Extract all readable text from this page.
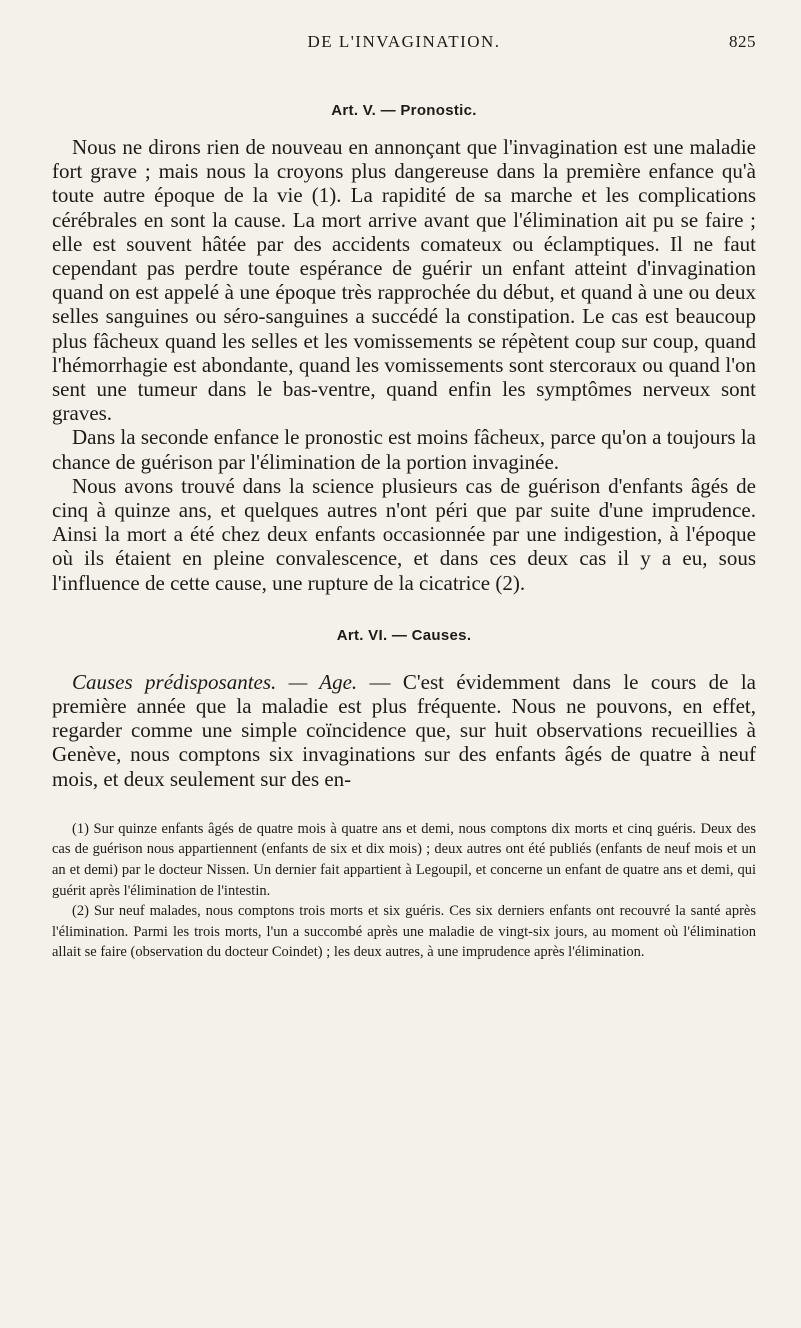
DE L'INVAGINATION.	825
Art. V. — Pronostic.

Nous ne dirons rien de nouveau en annonçant que l'invagination est une maladie fort grave ; mais nous la croyons plus dangereuse dans la première enfance qu'à toute autre époque de la vie (1). La rapidité de sa marche et les complications cérébrales en sont la cause. La mort arrive avant que l'élimination ait pu se faire ; elle est souvent hâtée par des accidents comateux ou éclamptiques. Il ne faut cependant pas perdre toute espérance de guérir un enfant atteint d'invagination quand on est appelé à une époque très rapprochée du début, et quand à une ou deux selles sanguines ou séro-sanguines a succédé la constipation. Le cas est beaucoup plus fâcheux quand les selles et les vomissements se répètent coup sur coup, quand l'hémorrhagie est abondante, quand les vomissements sont stercoraux ou quand l'on sent une tumeur dans le bas-ventre, quand enfin les symptômes nerveux sont graves.

Dans la seconde enfance le pronostic est moins fâcheux, parce qu'on a toujours la chance de guérison par l'élimination de la portion invaginée.

Nous avons trouvé dans la science plusieurs cas de guérison d'enfants âgés de cinq à quinze ans, et quelques autres n'ont péri que par suite d'une imprudence. Ainsi la mort a été chez deux enfants occasionnée par une indigestion, à l'époque où ils étaient en pleine convalescence, et dans ces deux cas il y a eu, sous l'influence de cette cause, une rupture de la cicatrice (2).

Art. VI. — Causes.

Causes prédisposantes. — Age. — C'est évidemment dans le cours de la première année que la maladie est plus fréquente. Nous ne pouvons, en effet, regarder comme une simple coïncidence que, sur huit observations recueillies à Genève, nous comptons six invaginations sur des enfants âgés de quatre à neuf mois, et deux seulement sur des en-

(1) Sur quinze enfants âgés de quatre mois à quatre ans et demi, nous comptons dix morts et cinq guéris. Deux des cas de guérison nous appartiennent (enfants de six et dix mois) ; deux autres ont été publiés (enfants de neuf mois et un an et demi) par le docteur Nissen. Un dernier fait appartient à Legoupil, et concerne un enfant de quatre ans et demi, qui guérit après l'élimination de l'intestin.

(2) Sur neuf malades, nous comptons trois morts et six guéris. Ces six derniers enfants ont recouvré la santé après l'élimination. Parmi les trois morts, l'un a succombé après une maladie de vingt-six jours, au moment où l'élimination allait se faire (observation du docteur Coindet) ; les deux autres, à une imprudence après l'élimination.
